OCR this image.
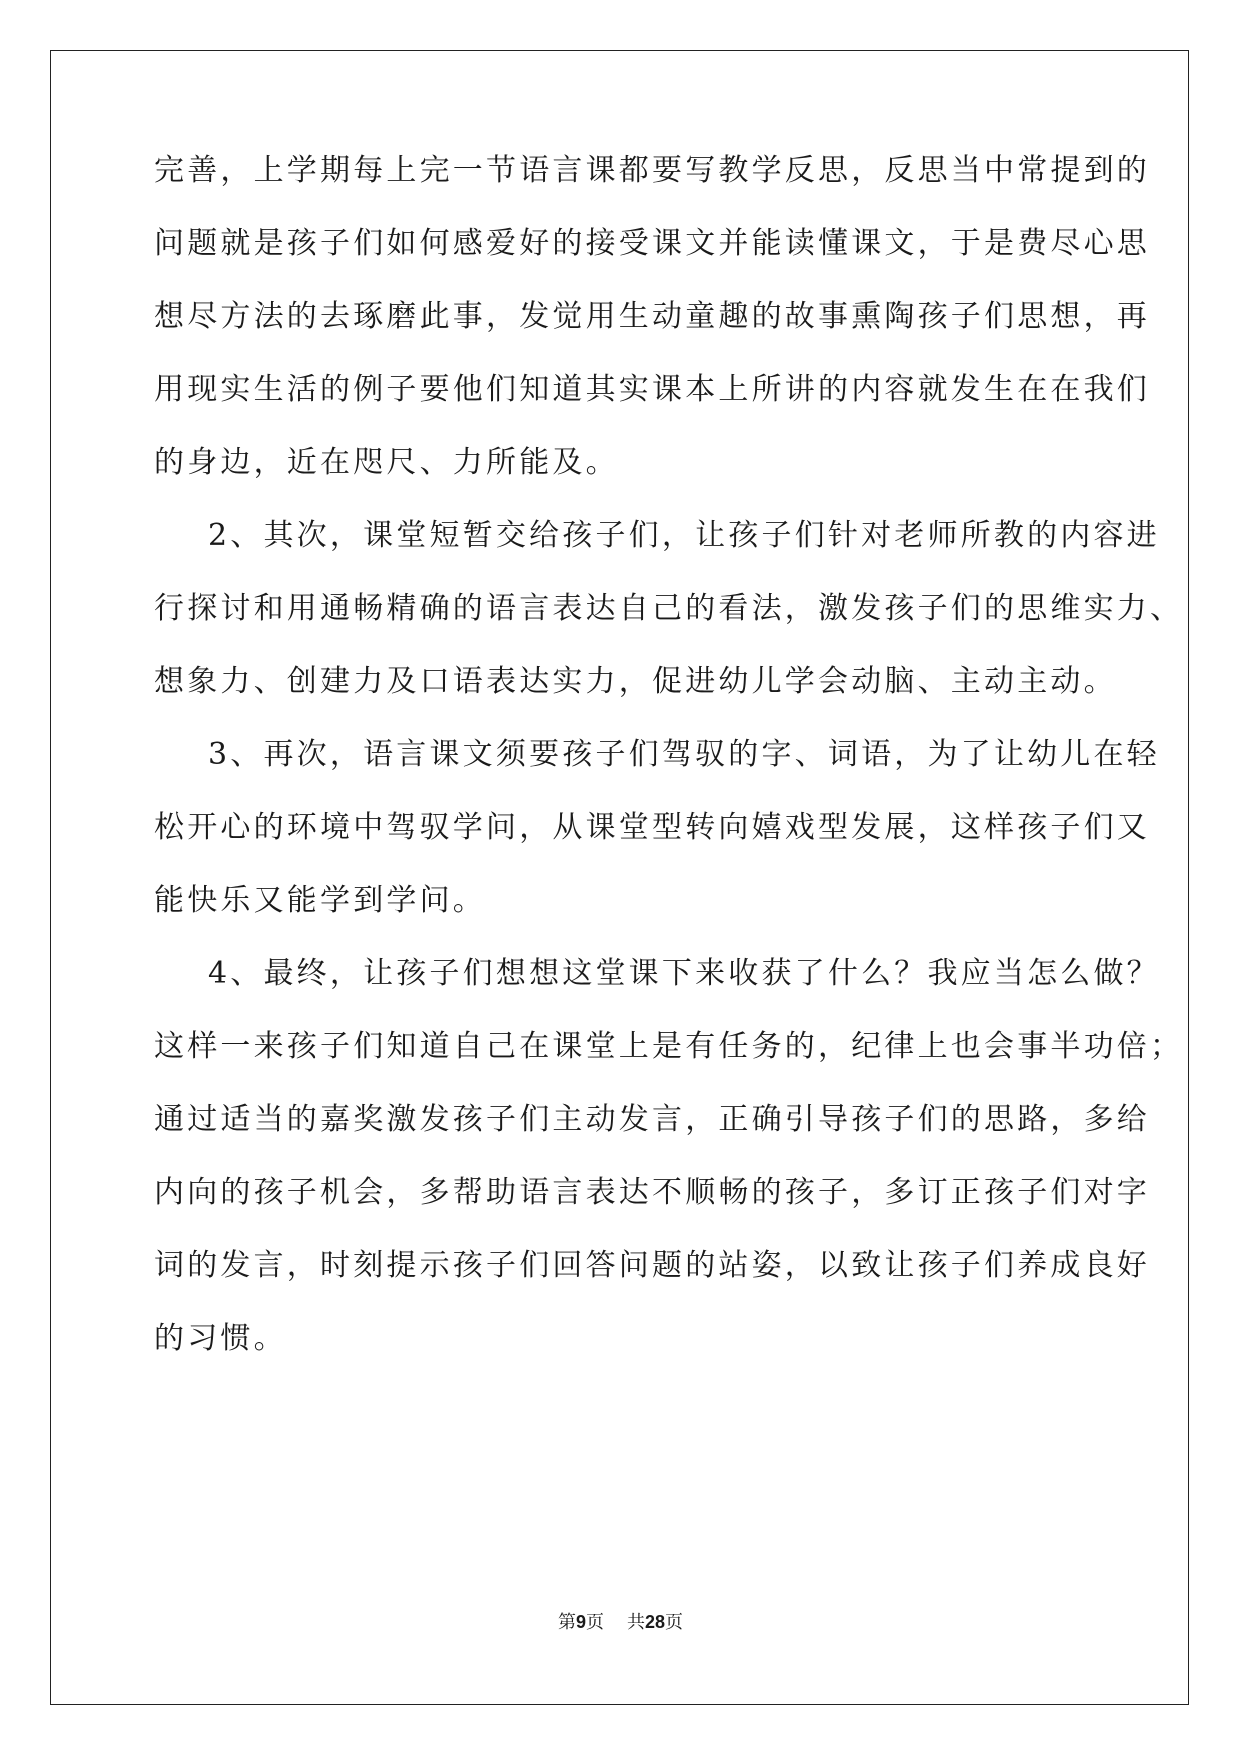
完善，上学期每上完一节语言课都要写教学反思，反思当中常提到的
问题就是孩子们如何感爱好的接受课文并能读懂课文，于是费尽心思
想尽方法的去琢磨此事，发觉用生动童趣的故事熏陶孩子们思想，再
用现实生活的例子要他们知道其实课本上所讲的内容就发生在在我们
的身边，近在咫尺、力所能及。
2、其次，课堂短暂交给孩子们，让孩子们针对老师所教的内容进
行探讨和用通畅精确的语言表达自己的看法，激发孩子们的思维实力、
想象力、创建力及口语表达实力，促进幼儿学会动脑、主动主动。
3、再次，语言课文须要孩子们驾驭的字、词语，为了让幼儿在轻
松开心的环境中驾驭学问，从课堂型转向嬉戏型发展，这样孩子们又
能快乐又能学到学问。
4、最终，让孩子们想想这堂课下来收获了什么？我应当怎么做？
这样一来孩子们知道自己在课堂上是有任务的，纪律上也会事半功倍；
通过适当的嘉奖激发孩子们主动发言，正确引导孩子们的思路，多给
内向的孩子机会，多帮助语言表达不顺畅的孩子，多订正孩子们对字
词的发言，时刻提示孩子们回答问题的站姿，以致让孩子们养成良好
的习惯。
第9页 共28页
